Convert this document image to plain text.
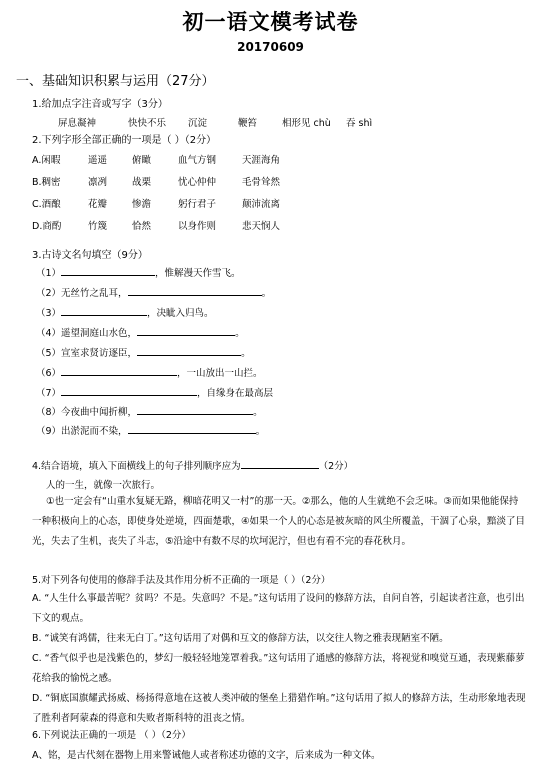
初一语文模考试卷
20170609
一、基础知识积累与运用（27分）
1.给加点字注音或写字（3分）
屏息凝神	快快不乐 沉淀	鞭笞	相形见 chù 吞 shì
2.下列字形全部正确的一项是（ ）（2分）
A.闲暇	遥遥	俯瞰	血气方钢	天涯海角
B.稠密	凛冽	战栗	忧心仲仲	毛骨耸然
C.酒酿	花瓣	惨澹	躬行君子	颠沛流离
D.商酌	竹篾	恰然	以身作则	悲天悯人
3.古诗文名句填空（9分）
（1）	，惟解漫天作雪飞。
（2）无丝竹之乱耳，	。
（3）	，决眦入归鸟。
（4）遥望洞庭山水色，	。
（5）宣室求贤访逐臣，	。
（6）	，一山放出一山拦。
（7）	，自缘身在最高层
（8）今夜曲中闻折柳，	。
（9）出淤泥而不染，	。
4.结合语境，填入下面横线上的句子排列顺序应为	（2分）
人的一生，就像一次旅行。
①也一定会有“山重水复疑无路，柳暗花明又一村”的那一天。②那么，他的人生就绝不会乏味。③而如果他能保持一种积极向上的心态，即使身处逆境，四面楚歌，④如果一个人的心态是被灰暗的风尘所覆盖，干涸了心泉，黯淡了目光，失去了生机，丧失了斗志，⑤沿途中有数不尽的坎坷泥泞，但也有看不完的春花秋月。
5.对下列各句使用的修辞手法及其作用分析不正确的一项是（ ）（2分）
A. “人生什么事最苦呢？贫吗？不是。失意吗？不是。”这句话用了设问的修辞方法，自问自答，引起读者注意，也引出下文的观点。
B. “诚笑有鸿儒，往来无白丁。”这句话用了对偶和互文的修辞方法，以交往人物之雅表现陋室不陋。
C. “香气似乎也是浅紫色的，梦幻一般轻轻地笼罩着我。”这句话用了通感的修辞方法，将视觉和嗅觉互通，表现紫藤萝花给我的愉悦之感。
D. “铜底国旗耀武扬威、杨扬得意地在这被人类冲破的堡垒上猎猎作响。”这句话用了拟人的修辞方法，生动形象地表现了胜利者阿蒙森的得意和失败者斯科特的沮丧之情。
6.下列说法正确的一项是 （ ）（2分）
A、铭，是古代刻在器物上用来警诫他人或者称述功德的文字，后来成为一种文体。
